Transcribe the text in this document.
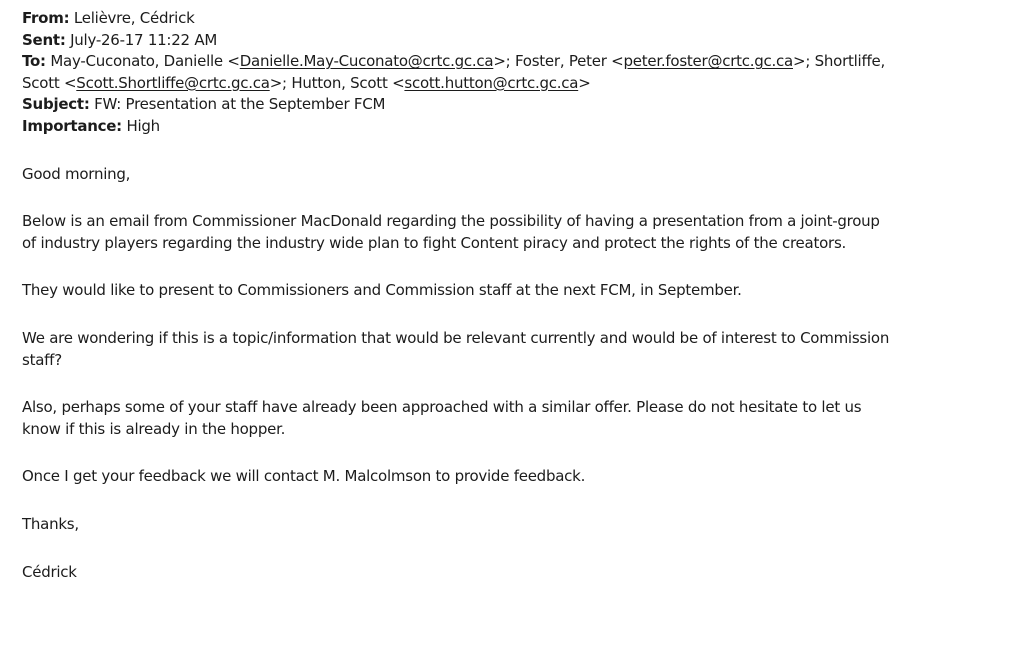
From: Lelièvre, Cédrick
Sent: July-26-17 11:22 AM
To: May-Cuconato, Danielle <Danielle.May-Cuconato@crtc.gc.ca>; Foster, Peter <peter.foster@crtc.gc.ca>; Shortliffe,
Scott <Scott.Shortliffe@crtc.gc.ca>; Hutton, Scott <scott.hutton@crtc.gc.ca>
Subject: FW: Presentation at the September FCM
Importance: High

Good morning,

Below is an email from Commissioner MacDonald regarding the possibility of having a presentation from a joint-group
of industry players regarding the industry wide plan to fight Content piracy and protect the rights of the creators.

They would like to present to Commissioners and Commission staff at the next FCM, in September.

We are wondering if this is a topic/information that would be relevant currently and would be of interest to Commission
staff?

Also, perhaps some of your staff have already been approached with a similar offer. Please do not hesitate to let us
know if this is already in the hopper.

Once I get your feedback we will contact M. Malcolmson to provide feedback.

Thanks,

Cédrick
